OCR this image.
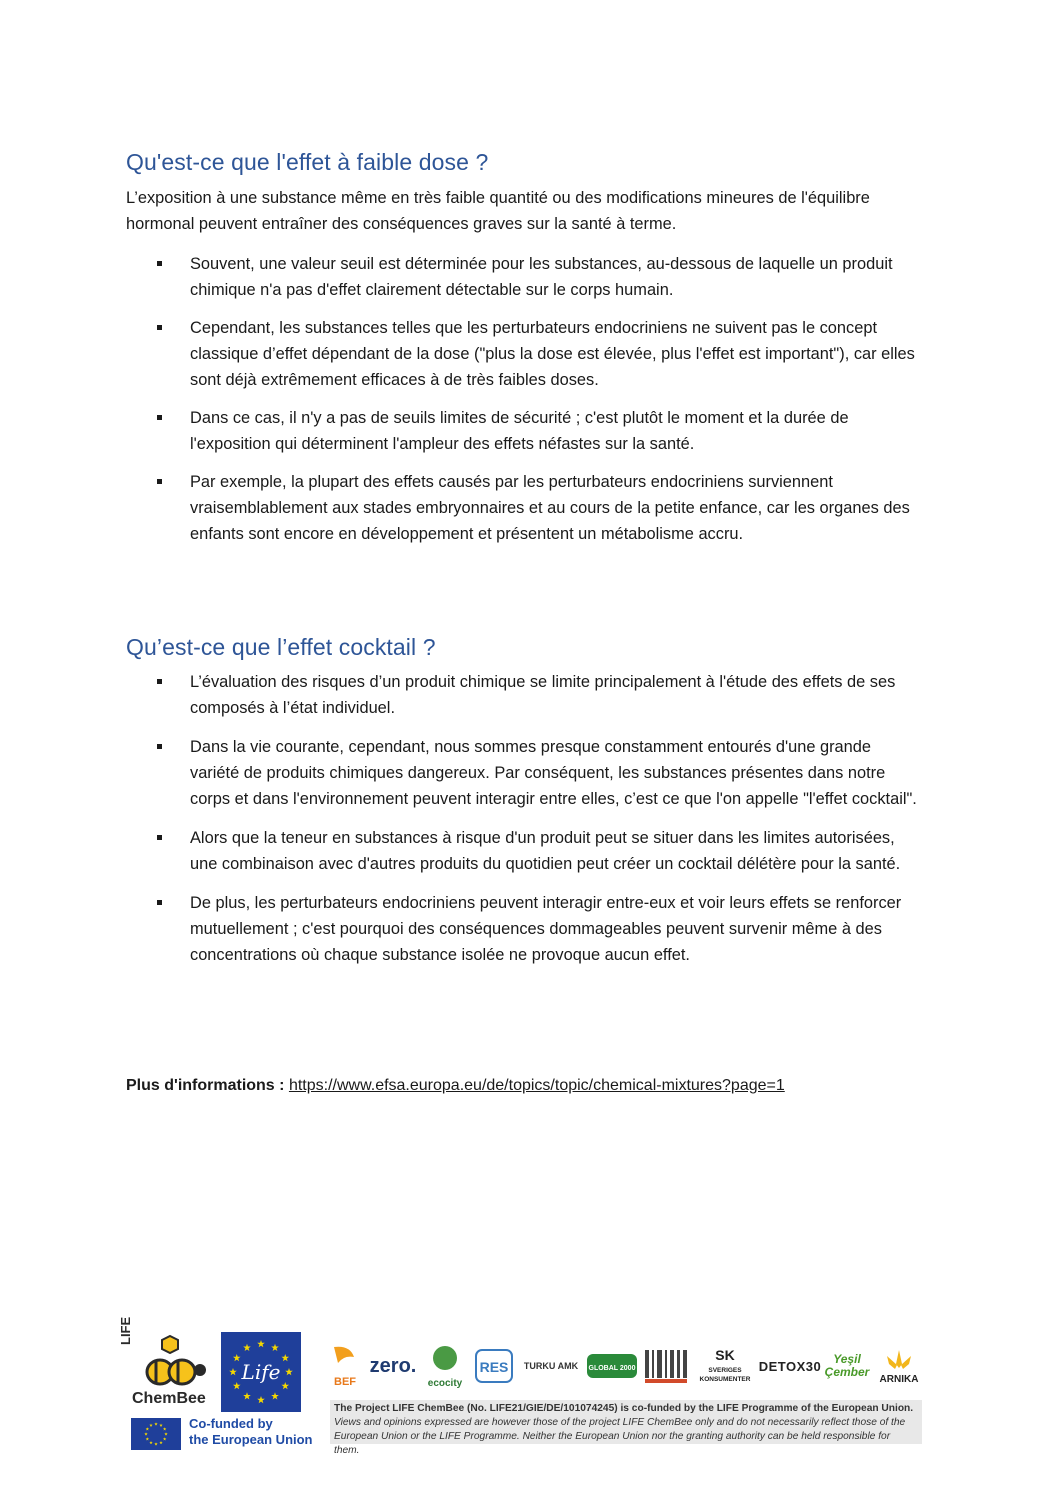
Qu'est-ce que l'effet à faible dose ?

L’exposition à une substance même en très faible quantité ou des modifications mineures de l'équilibre hormonal peuvent entraîner des conséquences graves sur la santé à terme.

Souvent, une valeur seuil est déterminée pour les substances, au-dessous de laquelle un produit chimique n'a pas d'effet clairement détectable sur le corps humain.
Cependant, les substances telles que les perturbateurs endocriniens ne suivent pas le concept classique d’effet dépendant de la dose ("plus la dose est élevée, plus l'effet est important"), car elles sont déjà extrêmement efficaces à de très faibles doses.
Dans ce cas, il n'y a pas de seuils limites de sécurité ; c'est plutôt le moment et la durée de l'exposition qui déterminent l'ampleur des effets néfastes sur la santé.
Par exemple, la plupart des effets causés par les perturbateurs endocriniens surviennent vraisemblablement aux stades embryonnaires et au cours de la petite enfance, car les organes des enfants sont encore en développement et présentent un métabolisme accru.
Qu’est-ce que l’effet cocktail ?
L’évaluation des risques d’un produit chimique se limite principalement à l'étude des effets de ses composés à l’état individuel.
Dans la vie courante, cependant, nous sommes presque constamment entourés d'une grande variété de produits chimiques dangereux. Par conséquent, les substances présentes dans notre corps et dans l'environnement peuvent interagir entre elles, c’est ce que l'on appelle "l'effet cocktail".
Alors que la teneur en substances à risque d'un produit peut se situer dans les limites autorisées, une combinaison avec d'autres produits du quotidien peut créer un cocktail délétère pour la santé.
De plus, les perturbateurs endocriniens peuvent interagir entre-eux et voir leurs effets se renforcer mutuellement ; c'est pourquoi des conséquences dommageables peuvent survenir même à des concentrations où chaque substance isolée ne provoque aucun effet.

Plus d'informations : https://www.efsa.europa.eu/de/topics/topic/chemical-mixtures?page=1

LIFE
ChemBee
Life
Co-funded by
the European Union
BEF
zero.
ecocity
RES	TURKU AMK	GLOBAL 2000
SK
SVERIGES
KONSUMENTER
DETOX30 Yeşil Çember
ARNIKA
The Project LIFE ChemBee (No. LIFE21/GIE/DE/101074245) is co-funded by the LIFE Programme of the European Union.
Views and opinions expressed are however those of the project LIFE ChemBee only and do not necessarily reflect those of the European Union or the LIFE Programme. Neither the European Union nor the granting authority can be held responsible for them.
